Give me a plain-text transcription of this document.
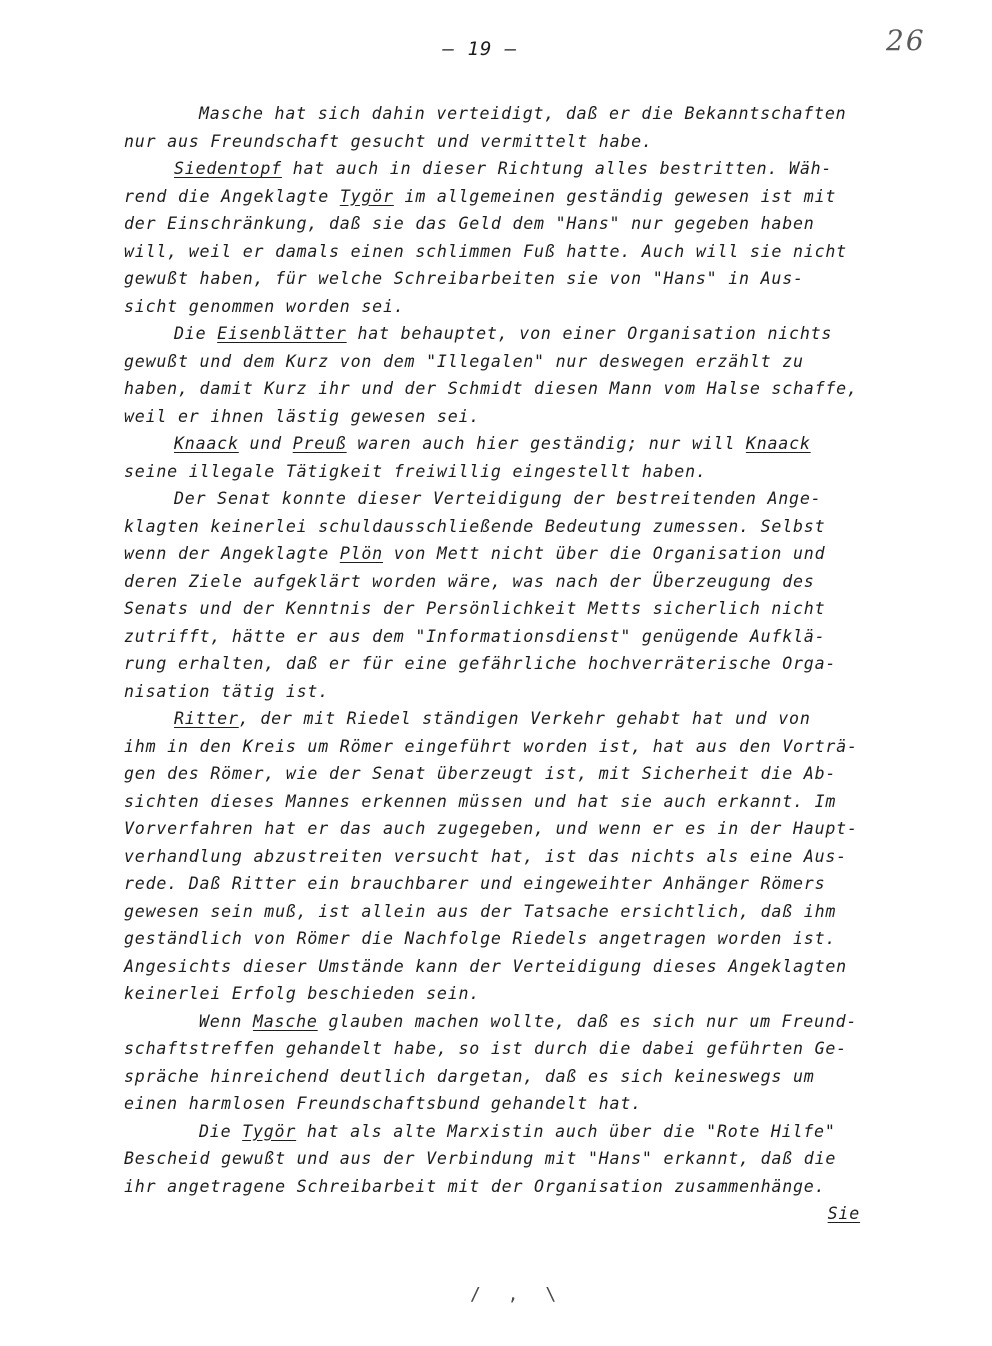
– 19 –	26
Masche hat sich dahin verteidigt, daß er die Bekanntschaften
nur aus Freundschaft gesucht und vermittelt habe.
Siedentopf hat auch in dieser Richtung alles bestritten. Wäh-
rend die Angeklagte Tygör im allgemeinen geständig gewesen ist mit
der Einschränkung, daß sie das Geld dem "Hans" nur gegeben haben
will, weil er damals einen schlimmen Fuß hatte. Auch will sie nicht
gewußt haben, für welche Schreibarbeiten sie von "Hans" in Aus-
sicht genommen worden sei.
Die Eisenblätter hat behauptet, von einer Organisation nichts
gewußt und dem Kurz von dem "Illegalen" nur deswegen erzählt zu
haben, damit Kurz ihr und der Schmidt diesen Mann vom Halse schaffe,
weil er ihnen lästig gewesen sei.
Knaack und Preuß waren auch hier geständig; nur will Knaack
seine illegale Tätigkeit freiwillig eingestellt haben.
Der Senat konnte dieser Verteidigung der bestreitenden Ange-
klagten keinerlei schuldausschließende Bedeutung zumessen. Selbst
wenn der Angeklagte Plön von Mett nicht über die Organisation und
deren Ziele aufgeklärt worden wäre, was nach der Überzeugung des
Senats und der Kenntnis der Persönlichkeit Metts sicherlich nicht
zutrifft, hätte er aus dem "Informationsdienst" genügende Aufklä-
rung erhalten, daß er für eine gefährliche hochverräterische Orga-
nisation tätig ist.
Ritter, der mit Riedel ständigen Verkehr gehabt hat und von
ihm in den Kreis um Römer eingeführt worden ist, hat aus den Vorträ-
gen des Römer, wie der Senat überzeugt ist, mit Sicherheit die Ab-
sichten dieses Mannes erkennen müssen und hat sie auch erkannt. Im
Vorverfahren hat er das auch zugegeben, und wenn er es in der Haupt-
verhandlung abzustreiten versucht hat, ist das nichts als eine Aus-
rede. Daß Ritter ein brauchbarer und eingeweihter Anhänger Römers
gewesen sein muß, ist allein aus der Tatsache ersichtlich, daß ihm
geständlich von Römer die Nachfolge Riedels angetragen worden ist.
Angesichts dieser Umstände kann der Verteidigung dieses Angeklagten
keinerlei Erfolg beschieden sein.
Wenn Masche glauben machen wollte, daß es sich nur um Freund-
schaftstreffen gehandelt habe, so ist durch die dabei geführten Ge-
spräche hinreichend deutlich dargetan, daß es sich keineswegs um
einen harmlosen Freundschaftsbund gehandelt hat.
Die Tygör hat als alte Marxistin auch über die "Rote Hilfe"
Bescheid gewußt und aus der Verbindung mit "Hans" erkannt, daß die
ihr angetragene Schreibarbeit mit der Organisation zusammenhänge.
Sie
/ , \
